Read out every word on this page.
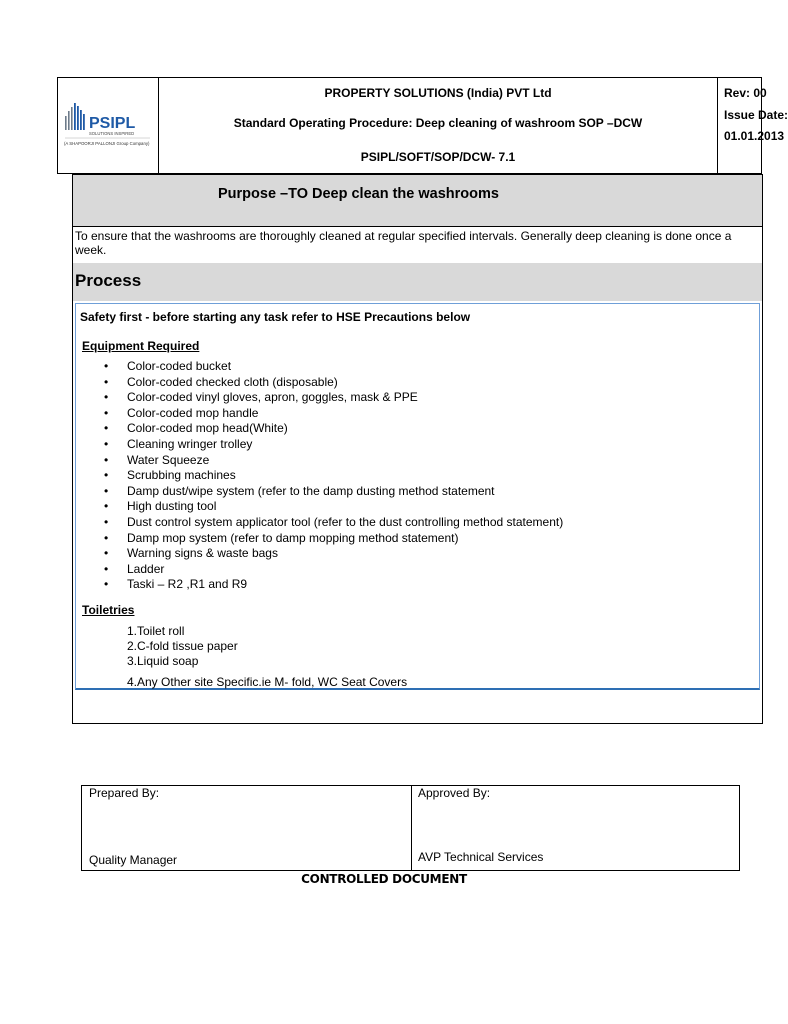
PSIPL
SOLUTIONS INSPIRED
(A SHAPOORJI PALLONJI Group Company)
PROPERTY SOLUTIONS (India) PVT Ltd
Standard Operating Procedure: Deep cleaning of washroom SOP –DCW
PSIPL/SOFT/SOP/DCW- 7.1
Rev: 00
Issue Date:
01.01.2013
Purpose –TO Deep clean the washrooms
To ensure that the washrooms are thoroughly cleaned at regular specified intervals. Generally deep cleaning is done once a week.
Process
Safety first - before starting any task refer to HSE Precautions below
Equipment Required
• Color-coded bucket
• Color-coded checked cloth (disposable)
• Color-coded vinyl gloves, apron, goggles, mask & PPE
• Color-coded mop handle
• Color-coded mop head(White)
• Cleaning wringer trolley
• Water Squeeze
• Scrubbing machines
• Damp dust/wipe system (refer to the damp dusting method statement
• High dusting tool
• Dust control system applicator tool (refer to the dust controlling method statement)
• Damp mop system (refer to damp mopping method statement)
• Warning signs & waste bags
• Ladder
• Taski – R2 ,R1 and R9
Toiletries
1.Toilet roll
2.C-fold tissue paper
3.Liquid soap
4.Any Other site Specific.ie M- fold, WC Seat Covers
Prepared By:
Quality Manager
Approved By:
AVP Technical Services
CONTROLLED DOCUMENT
